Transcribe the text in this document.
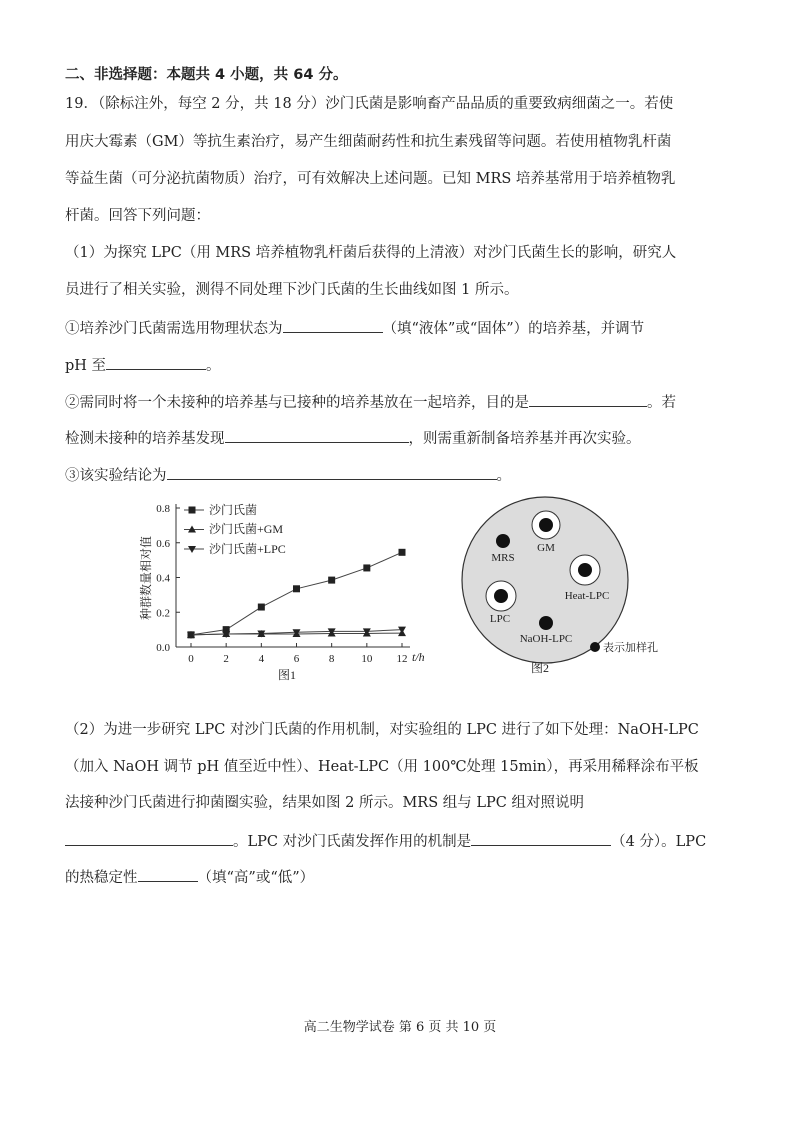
二、非选择题：本题共 4 小题，共 64 分。
19．（除标注外，每空 2 分，共 18 分）沙门氏菌是影响畜产品品质的重要致病细菌之一。若使
用庆大霉素（GM）等抗生素治疗，易产生细菌耐药性和抗生素残留等问题。若使用植物乳杆菌
等益生菌（可分泌抗菌物质）治疗，可有效解决上述问题。已知 MRS 培养基常用于培养植物乳
杆菌。回答下列问题：
（1）为探究 LPC（用 MRS 培养植物乳杆菌后获得的上清液）对沙门氏菌生长的影响，研究人
员进行了相关实验，测得不同处理下沙门氏菌的生长曲线如图 1 所示。
①培养沙门氏菌需选用物理状态为	（填“液体”或“固体”）的培养基，并调节
pH 至	。
②需同时将一个未接种的培养基与已接种的培养基放在一起培养，目的是	。若
检测未接种的培养基发现	，则需重新制备培养基并再次实验。
③该实验结论为	。
0.0
0.2
0.4
0.6
0.8
0	2	4	6	8 10 12
种群数量相对值
t/h
图1
沙门氏菌
沙门氏菌+GM
沙门氏菌+LPC
MRS
GM
Heat-LPC
LPC
NaOH-LPC
表示加样孔
图2
（2）为进一步研究 LPC 对沙门氏菌的作用机制，对实验组的 LPC 进行了如下处理：NaOH-LPC
（加入 NaOH 调节 pH 值至近中性）、Heat-LPC（用 100℃处理 15min），再采用稀释涂布平板
法接种沙门氏菌进行抑菌圈实验，结果如图 2 所示。MRS 组与 LPC 组对照说明
。LPC 对沙门氏菌发挥作用的机制是	（4 分）。LPC
的热稳定性	（填“高”或“低”）
高二生物学试卷 第 6 页 共 10 页
